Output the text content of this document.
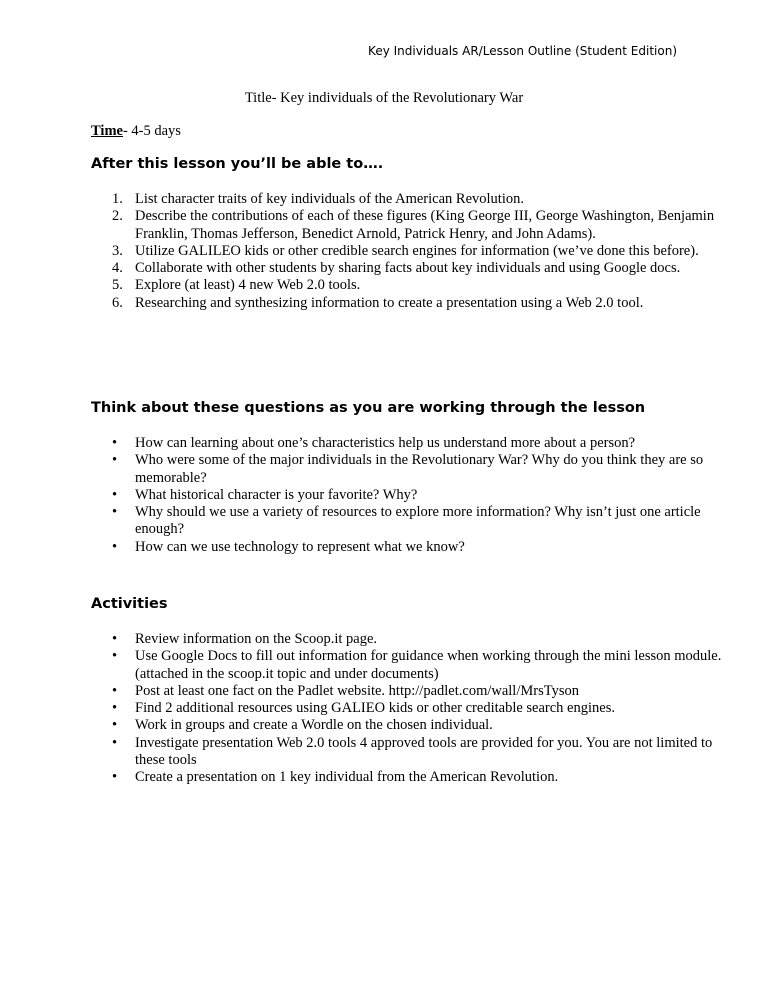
Key Individuals AR/Lesson Outline (Student Edition)
Title- Key individuals of the Revolutionary War
Time- 4-5 days
After this lesson you’ll be able to….
1. List character traits of key individuals of the American Revolution.
2. Describe the contributions of each of these figures (King George III, George Washington, Benjamin Franklin, Thomas Jefferson, Benedict Arnold, Patrick Henry, and John Adams).
3. Utilize GALILEO kids or other credible search engines for information (we’ve done this before).
4. Collaborate with other students by sharing facts about key individuals and using Google docs.
5. Explore (at least) 4 new Web 2.0 tools.
6. Researching and synthesizing information to create a presentation using a Web 2.0 tool.
Think about these questions as you are working through the lesson
• How can learning about one’s characteristics help us understand more about a person?
• Who were some of the major individuals in the Revolutionary War? Why do you think they are so memorable?
• What historical character is your favorite? Why?
• Why should we use a variety of resources to explore more information? Why isn’t just one article enough?
• How can we use technology to represent what we know?
Activities
• Review information on the Scoop.it page.
• Use Google Docs to fill out information for guidance when working through the mini lesson module. (attached in the scoop.it topic and under documents)
• Post at least one fact on the Padlet website. http://padlet.com/wall/MrsTyson
• Find 2 additional resources using GALIEO kids or other creditable search engines.
• Work in groups and create a Wordle on the chosen individual.
• Investigate presentation Web 2.0 tools 4 approved tools are provided for you. You are not limited to these tools
• Create a presentation on 1 key individual from the American Revolution.
